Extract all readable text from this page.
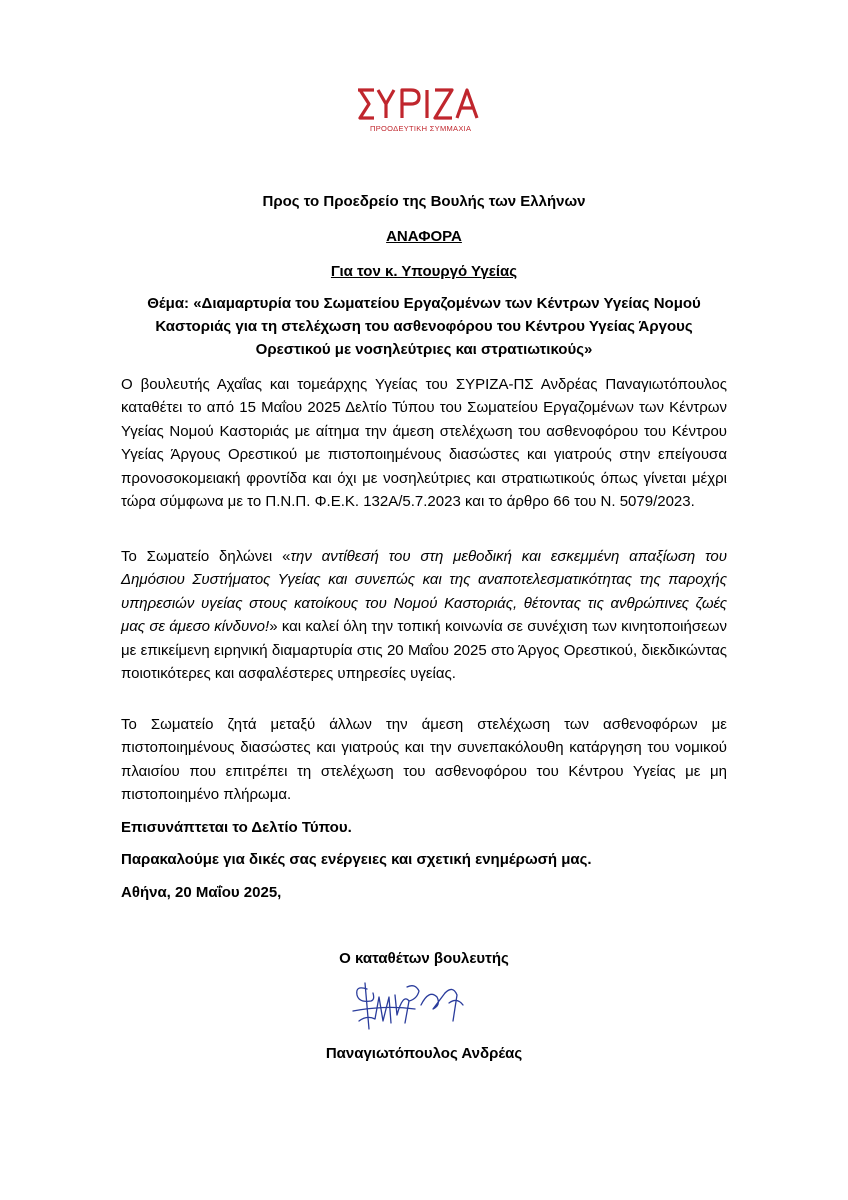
ΠΡΟΟΔΕΥΤΙΚΗ ΣΥΜΜΑΧΙΑ
Προς το Προεδρείο της Βουλής των Ελλήνων
ΑΝΑΦΟΡΑ
Για τον κ. Υπουργό Υγείας
Θέμα: «Διαμαρτυρία του Σωματείου Εργαζομένων των Κέντρων Υγείας Νομού Καστοριάς για τη στελέχωση του ασθενοφόρου του Κέντρου Υγείας Άργους Ορεστικού με νοσηλεύτριες και στρατιωτικούς»
Ο βουλευτής Αχαΐας και τομεάρχης Υγείας του ΣΥΡΙΖΑ-ΠΣ Ανδρέας Παναγιωτόπουλος καταθέτει το από 15 Μαΐου 2025 Δελτίο Τύπου του Σωματείου Εργαζομένων των Κέντρων Υγείας Νομού Καστοριάς με αίτημα την άμεση στελέχωση του ασθενοφόρου του Κέντρου Υγείας Άργους Ορεστικού με πιστοποιημένους διασώστες και γιατρούς στην επείγουσα προνοσοκομειακή φροντίδα και όχι με νοσηλεύτριες και στρατιωτικούς όπως γίνεται μέχρι τώρα σύμφωνα με το Π.Ν.Π. Φ.Ε.Κ. 132Α/5.7.2023 και το άρθρο 66 του Ν. 5079/2023.
Το Σωματείο δηλώνει «την αντίθεσή του στη μεθοδική και εσκεμμένη απαξίωση του Δημόσιου Συστήματος Υγείας και συνεπώς και της αναποτελεσματικότητας της παροχής υπηρεσιών υγείας στους κατοίκους του Νομού Καστοριάς, θέτοντας τις ανθρώπινες ζωές μας σε άμεσο κίνδυνο!» και καλεί όλη την τοπική κοινωνία σε συνέχιση των κινητοποιήσεων με επικείμενη ειρηνική διαμαρτυρία στις 20 Μαΐου 2025 στο Άργος Ορεστικού, διεκδικώντας ποιοτικότερες και ασφαλέστερες υπηρεσίες υγείας.
Το Σωματείο ζητά μεταξύ άλλων την άμεση στελέχωση των ασθενοφόρων με πιστοποιημένους διασώστες και γιατρούς και την συνεπακόλουθη κατάργηση του νομικού πλαισίου που επιτρέπει τη στελέχωση του ασθενοφόρου του Κέντρου Υγείας με μη πιστοποιημένο πλήρωμα.
Επισυνάπτεται το Δελτίο Τύπου.
Παρακαλούμε για δικές σας ενέργειες και σχετική ενημέρωσή μας.
Αθήνα, 20 Μαΐου 2025,
Ο καταθέτων βουλευτής
Παναγιωτόπουλος Ανδρέας
